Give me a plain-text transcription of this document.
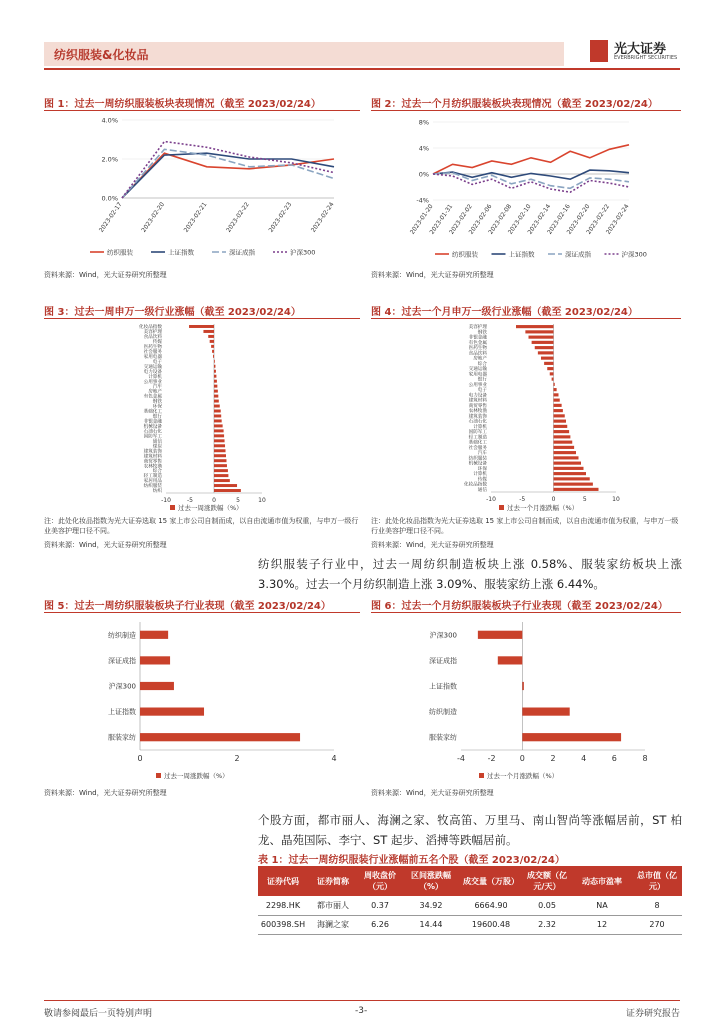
纺织服装&化妆品	光大证券
EVERBRIGHT SECURITIES
图 1：过去一周纺织服装板块表现情况（截至 2023/02/24）
0.0%
2.0%
4.0%
2023-02-17	2023-02-20	2023-02-21	2023-02-22	2023-02-23	2023-02-24
纺织服装	上证指数	深证成指	沪深300
资料来源：Wind，光大证券研究所整理
图 2：过去一个月纺织服装板块表现情况（截至 2023/02/24）
-4%
0%
4%
8%
2023-01-20
2023-01-31
2023-02-02
2023-02-06
2023-02-08
2023-02-10
2023-02-14
2023-02-16
2023-02-20
2023-02-22
2023-02-24
纺织服装	上证指数	深证成指	沪深300
资料来源：Wind，光大证券研究所整理
图 3：过去一周申万一级行业涨幅（截至 2023/02/24）
-10	-5	0	5	10
化妆品指数
美容护理
食品饮料
传媒
医药生物
社会服务
家用电器
电子
交通运输
电力设备
计算机
公用事业
汽车
房地产
有色金属
钢铁
环保
基础化工
银行
非银金融
机械设备
石油石化
国防军工
通信
煤炭
建筑装饰
建筑材料
商贸零售
农林牧渔
综合
轻工制造
家居用品
纺织服装
纺织
过去一周涨跌幅（%）
注：此处化妆品指数为光大证券选取 15 家上市公司自制而成，以自由流通市值为权重，与申万一级行业美容护理口径不同。
资料来源：Wind，光大证券研究所整理
图 4：过去一个月申万一级行业涨幅（截至 2023/02/24）
-10	-5	0	5	10
美容护理
钢铁
非银金融
有色金属
医药生物
食品饮料
房地产
综合
交通运输
家用电器
银行
公用事业
电子
电力设备
建筑材料
商贸零售
农林牧渔
建筑装饰
石油石化
计算机
国防军工
轻工制造
基础化工
社会服务
汽车
纺织服装
机械设备
环保
计算机
传媒
化妆品指数
通信
过去一个月涨跌幅（%）
注：此处化妆品指数为光大证券选取 15 家上市公司自制而成，以自由流通市值为权重，与申万一级行业美容护理口径不同。
资料来源：Wind，光大证券研究所整理
纺织服装子行业中，过去一周纺织制造板块上涨 0.58%、服装家纺板块上涨 3.30%。过去一个月纺织制造上涨 3.09%、服装家纺上涨 6.44%。
图 5：过去一周纺织服装板块子行业表现（截至 2023/02/24）
0	2	4
纺织制造
深证成指
沪深300
上证指数
服装家纺
过去一周涨跌幅（%）
资料来源：Wind，光大证券研究所整理
图 6：过去一个月纺织服装板块子行业表现（截至 2023/02/24）
-4	-2	0	2	4	6	8
沪深300
深证成指
上证指数
纺织制造
服装家纺
过去一个月涨跌幅（%）
资料来源：Wind，光大证券研究所整理
个股方面，都市丽人、海澜之家、牧高笛、万里马、南山智尚等涨幅居前，ST 柏龙、晶苑国际、李宁、ST 起步、滔搏等跌幅居前。
表 1：过去一周纺织服装行业涨幅前五名个股（截至 2023/02/24）
证券代码	证券简称	周收盘价（元）	区间涨跌幅（%）	成交量（万股）	成交额（亿元/天）	动态市盈率	总市值（亿元）
2298.HK	都市丽人	0.37	34.92	6664.90	0.05	NA	8
600398.SH	海澜之家	6.26	14.44	19600.48	2.32	12	270
敬请参阅最后一页特别声明	-3-	证券研究报告
